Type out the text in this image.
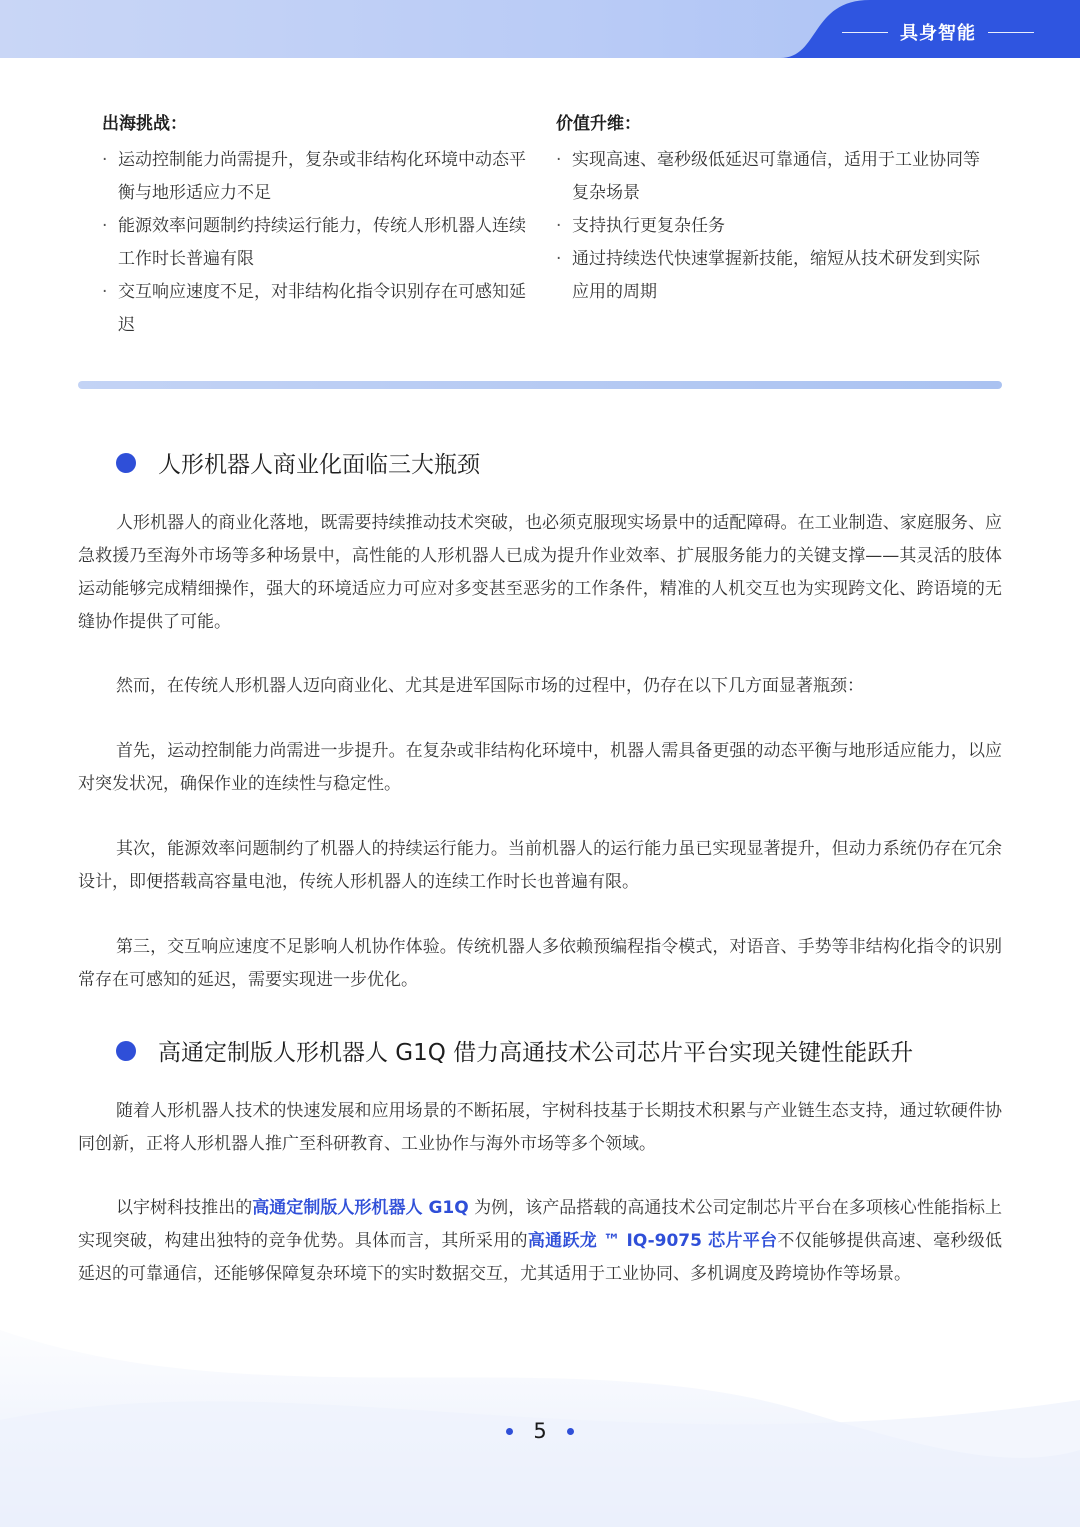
具身智能
出海挑战：
· 运动控制能力尚需提升，复杂或非结构化环境中动态平衡与地形适应力不足
· 能源效率问题制约持续运行能力，传统人形机器人连续工作时长普遍有限
· 交互响应速度不足，对非结构化指令识别存在可感知延迟
价值升维：
· 实现高速、毫秒级低延迟可靠通信，适用于工业协同等复杂场景
· 支持执行更复杂任务
· 通过持续迭代快速掌握新技能，缩短从技术研发到实际应用的周期
人形机器人商业化面临三大瓶颈

人形机器人的商业化落地，既需要持续推动技术突破，也必须克服现实场景中的适配障碍。在工业制造、家庭服务、应急救援乃至海外市场等多种场景中，高性能的人形机器人已成为提升作业效率、扩展服务能力的关键支撑——其灵活的肢体运动能够完成精细操作，强大的环境适应力可应对多变甚至恶劣的工作条件，精准的人机交互也为实现跨文化、跨语境的无缝协作提供了可能。

然而，在传统人形机器人迈向商业化、尤其是进军国际市场的过程中，仍存在以下几方面显著瓶颈：

首先，运动控制能力尚需进一步提升。在复杂或非结构化环境中，机器人需具备更强的动态平衡与地形适应能力，以应对突发状况，确保作业的连续性与稳定性。

其次，能源效率问题制约了机器人的持续运行能力。当前机器人的运行能力虽已实现显著提升，但动力系统仍存在冗余设计，即便搭载高容量电池，传统人形机器人的连续工作时长也普遍有限。

第三，交互响应速度不足影响人机协作体验。传统机器人多依赖预编程指令模式，对语音、手势等非结构化指令的识别常存在可感知的延迟，需要实现进一步优化。

高通定制版人形机器人 G1Q 借力高通技术公司芯片平台实现关键性能跃升

随着人形机器人技术的快速发展和应用场景的不断拓展，宇树科技基于长期技术积累与产业链生态支持，通过软硬件协同创新，正将人形机器人推广至科研教育、工业协作与海外市场等多个领域。

以宇树科技推出的高通定制版人形机器人 G1Q 为例，该产品搭载的高通技术公司定制芯片平台在多项核心性能指标上实现突破，构建出独特的竞争优势。具体而言，其所采用的高通跃龙 ™ IQ-9075 芯片平台不仅能够提供高速、毫秒级低延迟的可靠通信，还能够保障复杂环境下的实时数据交互，尤其适用于工业协同、多机调度及跨境协作等场景。

5
